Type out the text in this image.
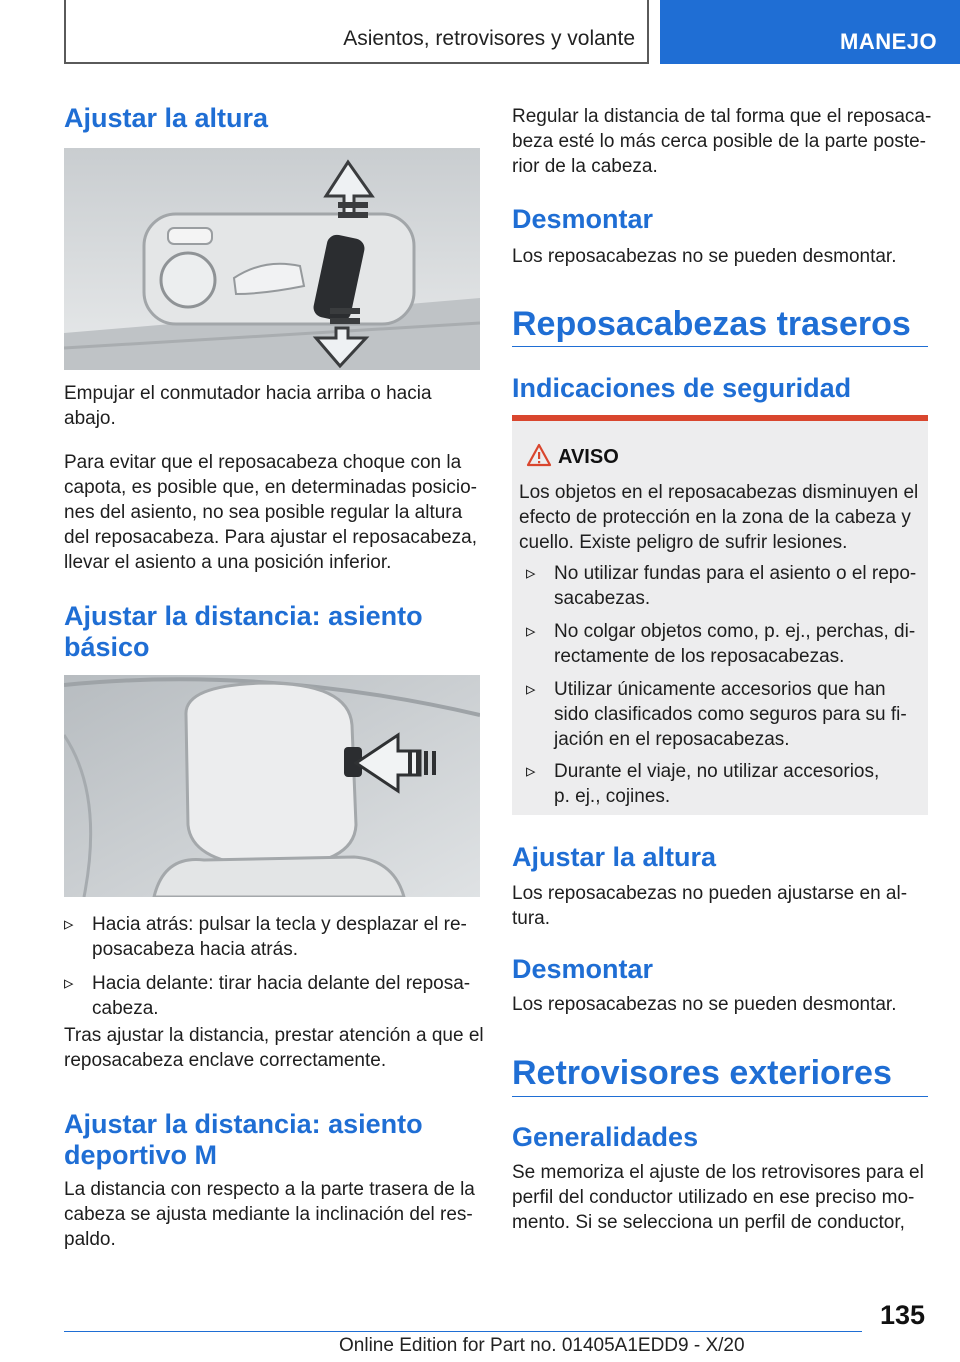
Asientos, retrovisores y volante	MANEJO
Ajustar la altura
Empujar el conmutador hacia arriba o hacia
abajo.
Para evitar que el reposacabeza choque con la
capota, es posible que, en determinadas posicio-
nes del asiento, no sea posible regular la altura
del reposacabeza. Para ajustar el reposacabeza,
llevar el asiento a una posición inferior.
Ajustar la distancia: asiento
básico
▹ Hacia atrás: pulsar la tecla y desplazar el re-
posacabeza hacia atrás.
▹ Hacia delante: tirar hacia delante del reposa-
cabeza.
Tras ajustar la distancia, prestar atención a que el
reposacabeza enclave correctamente.
Ajustar la distancia: asiento
deportivo M
La distancia con respecto a la parte trasera de la
cabeza se ajusta mediante la inclinación del res-
paldo.
Regular la distancia de tal forma que el reposaca-
beza esté lo más cerca posible de la parte poste-
rior de la cabeza.
Desmontar
Los reposacabezas no se pueden desmontar.
Reposacabezas traseros
Indicaciones de seguridad
AVISO
Los objetos en el reposacabezas disminuyen el
efecto de protección en la zona de la cabeza y
cuello. Existe peligro de sufrir lesiones.
▹ No utilizar fundas para el asiento o el repo-
sacabezas.
▹ No colgar objetos como, p. ej., perchas, di-
rectamente de los reposacabezas.
▹ Utilizar únicamente accesorios que han
sido clasificados como seguros para su fi-
jación en el reposacabezas.
▹ Durante el viaje, no utilizar accesorios,
p. ej., cojines.
Ajustar la altura
Los reposacabezas no pueden ajustarse en al-
tura.
Desmontar
Los reposacabezas no se pueden desmontar.
Retrovisores exteriores
Generalidades
Se memoriza el ajuste de los retrovisores para el
perfil del conductor utilizado en ese preciso mo-
mento. Si se selecciona un perfil de conductor,
135
Online Edition for Part no. 01405A1EDD9 - X/20
